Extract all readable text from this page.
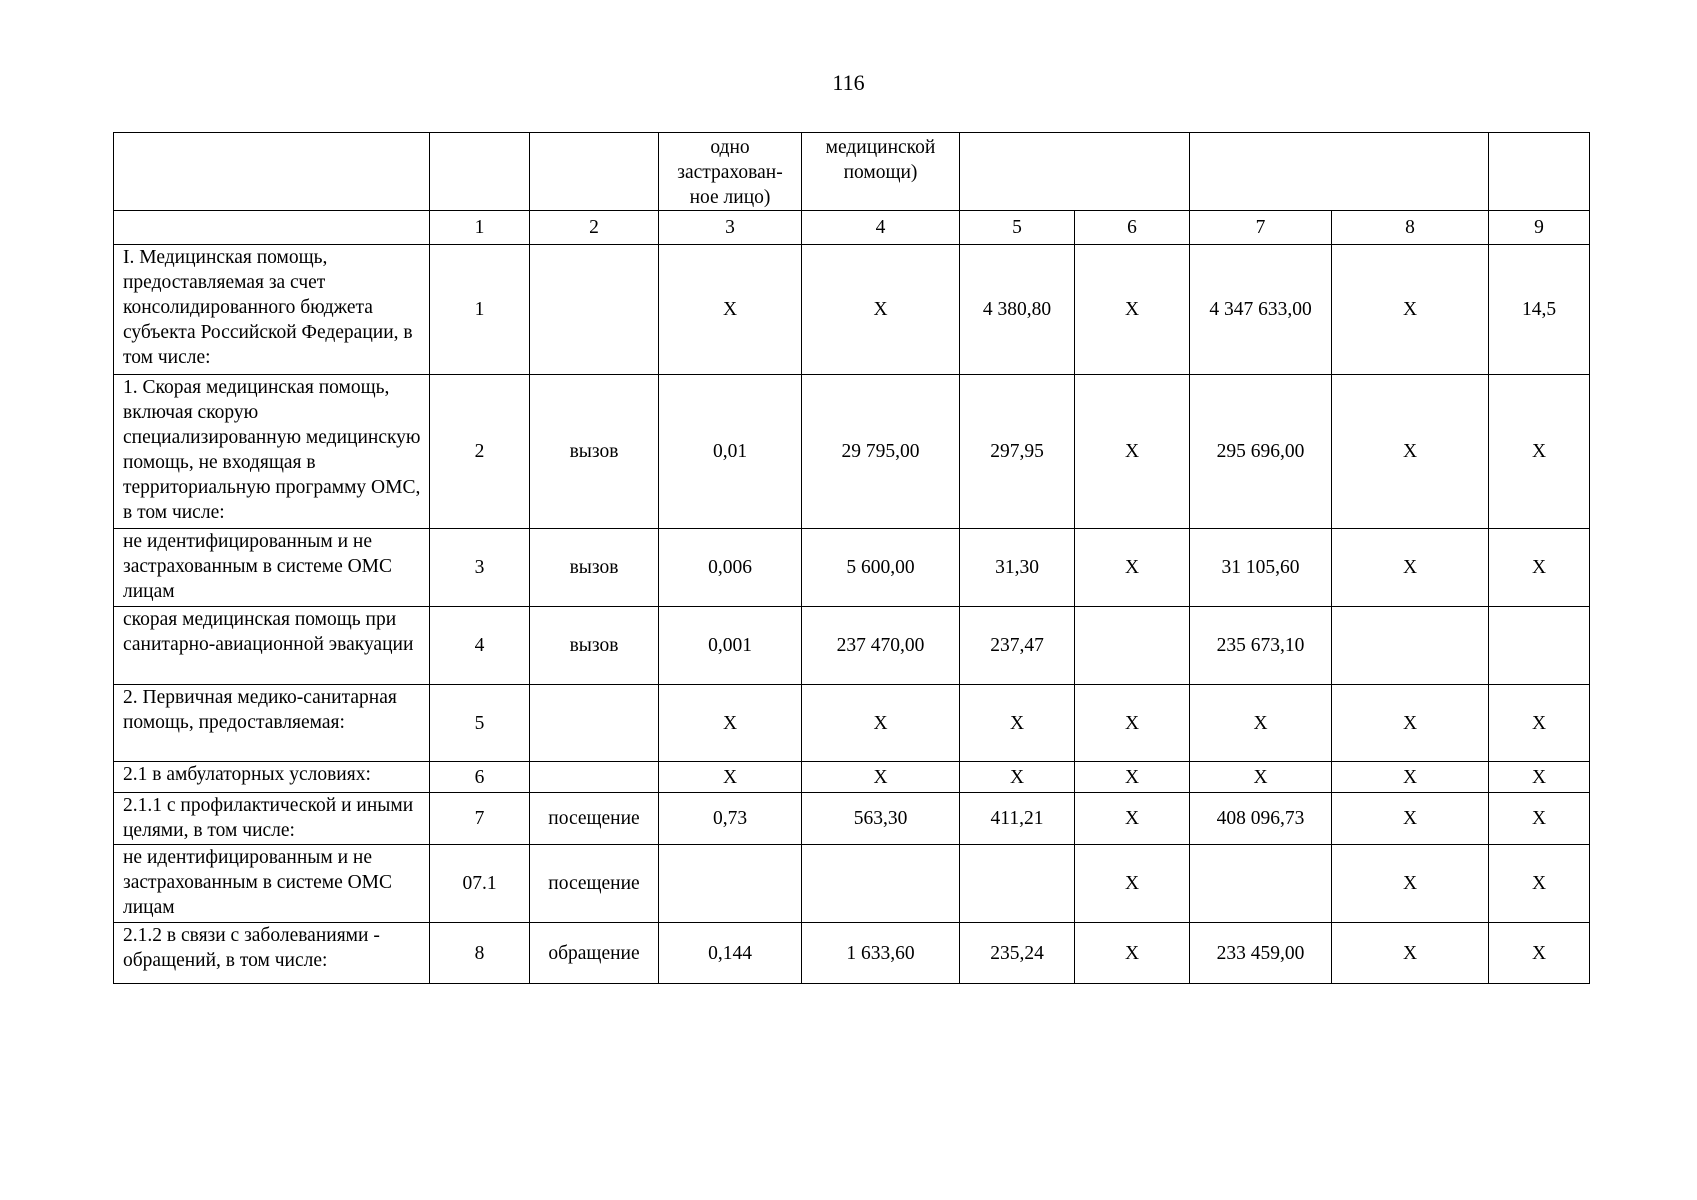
116
			одно застрахован-ное лицо)	медицинской помощи)					
	1	2	3	4	5	6	7	8	9
I. Медицинская помощь, предоставляемая за счет консолидированного бюджета субъекта Российской Федерации, в том числе:	1		X	X	4 380,80	X	4 347 633,00	X	14,5
1. Скорая медицинская помощь, включая скорую специализированную медицинскую помощь, не входящая в территориальную программу ОМС, в том числе:	2	вызов	0,01	29 795,00	297,95	X	295 696,00	X	X
не идентифицированным и не застрахованным в системе ОМС лицам	3	вызов	0,006	5 600,00	31,30	X	31 105,60	X	X
скорая медицинская помощь при санитарно-авиационной эвакуации	4	вызов	0,001	237 470,00	237,47		235 673,10		
2. Первичная медико-санитарная помощь, предоставляемая:	5		X	X	X	X	X	X	X
2.1 в амбулаторных условиях:	6		X	X	X	X	X	X	X
2.1.1 с профилактической и иными целями, в том числе:	7	посещение	0,73	563,30	411,21	X	408 096,73	X	X
не идентифицированным и не застрахованным в системе ОМС лицам	07.1	посещение				X		X	X
2.1.2 в связи с заболеваниями - обращений, в том числе:	8	обращение	0,144	1 633,60	235,24	X	233 459,00	X	X
